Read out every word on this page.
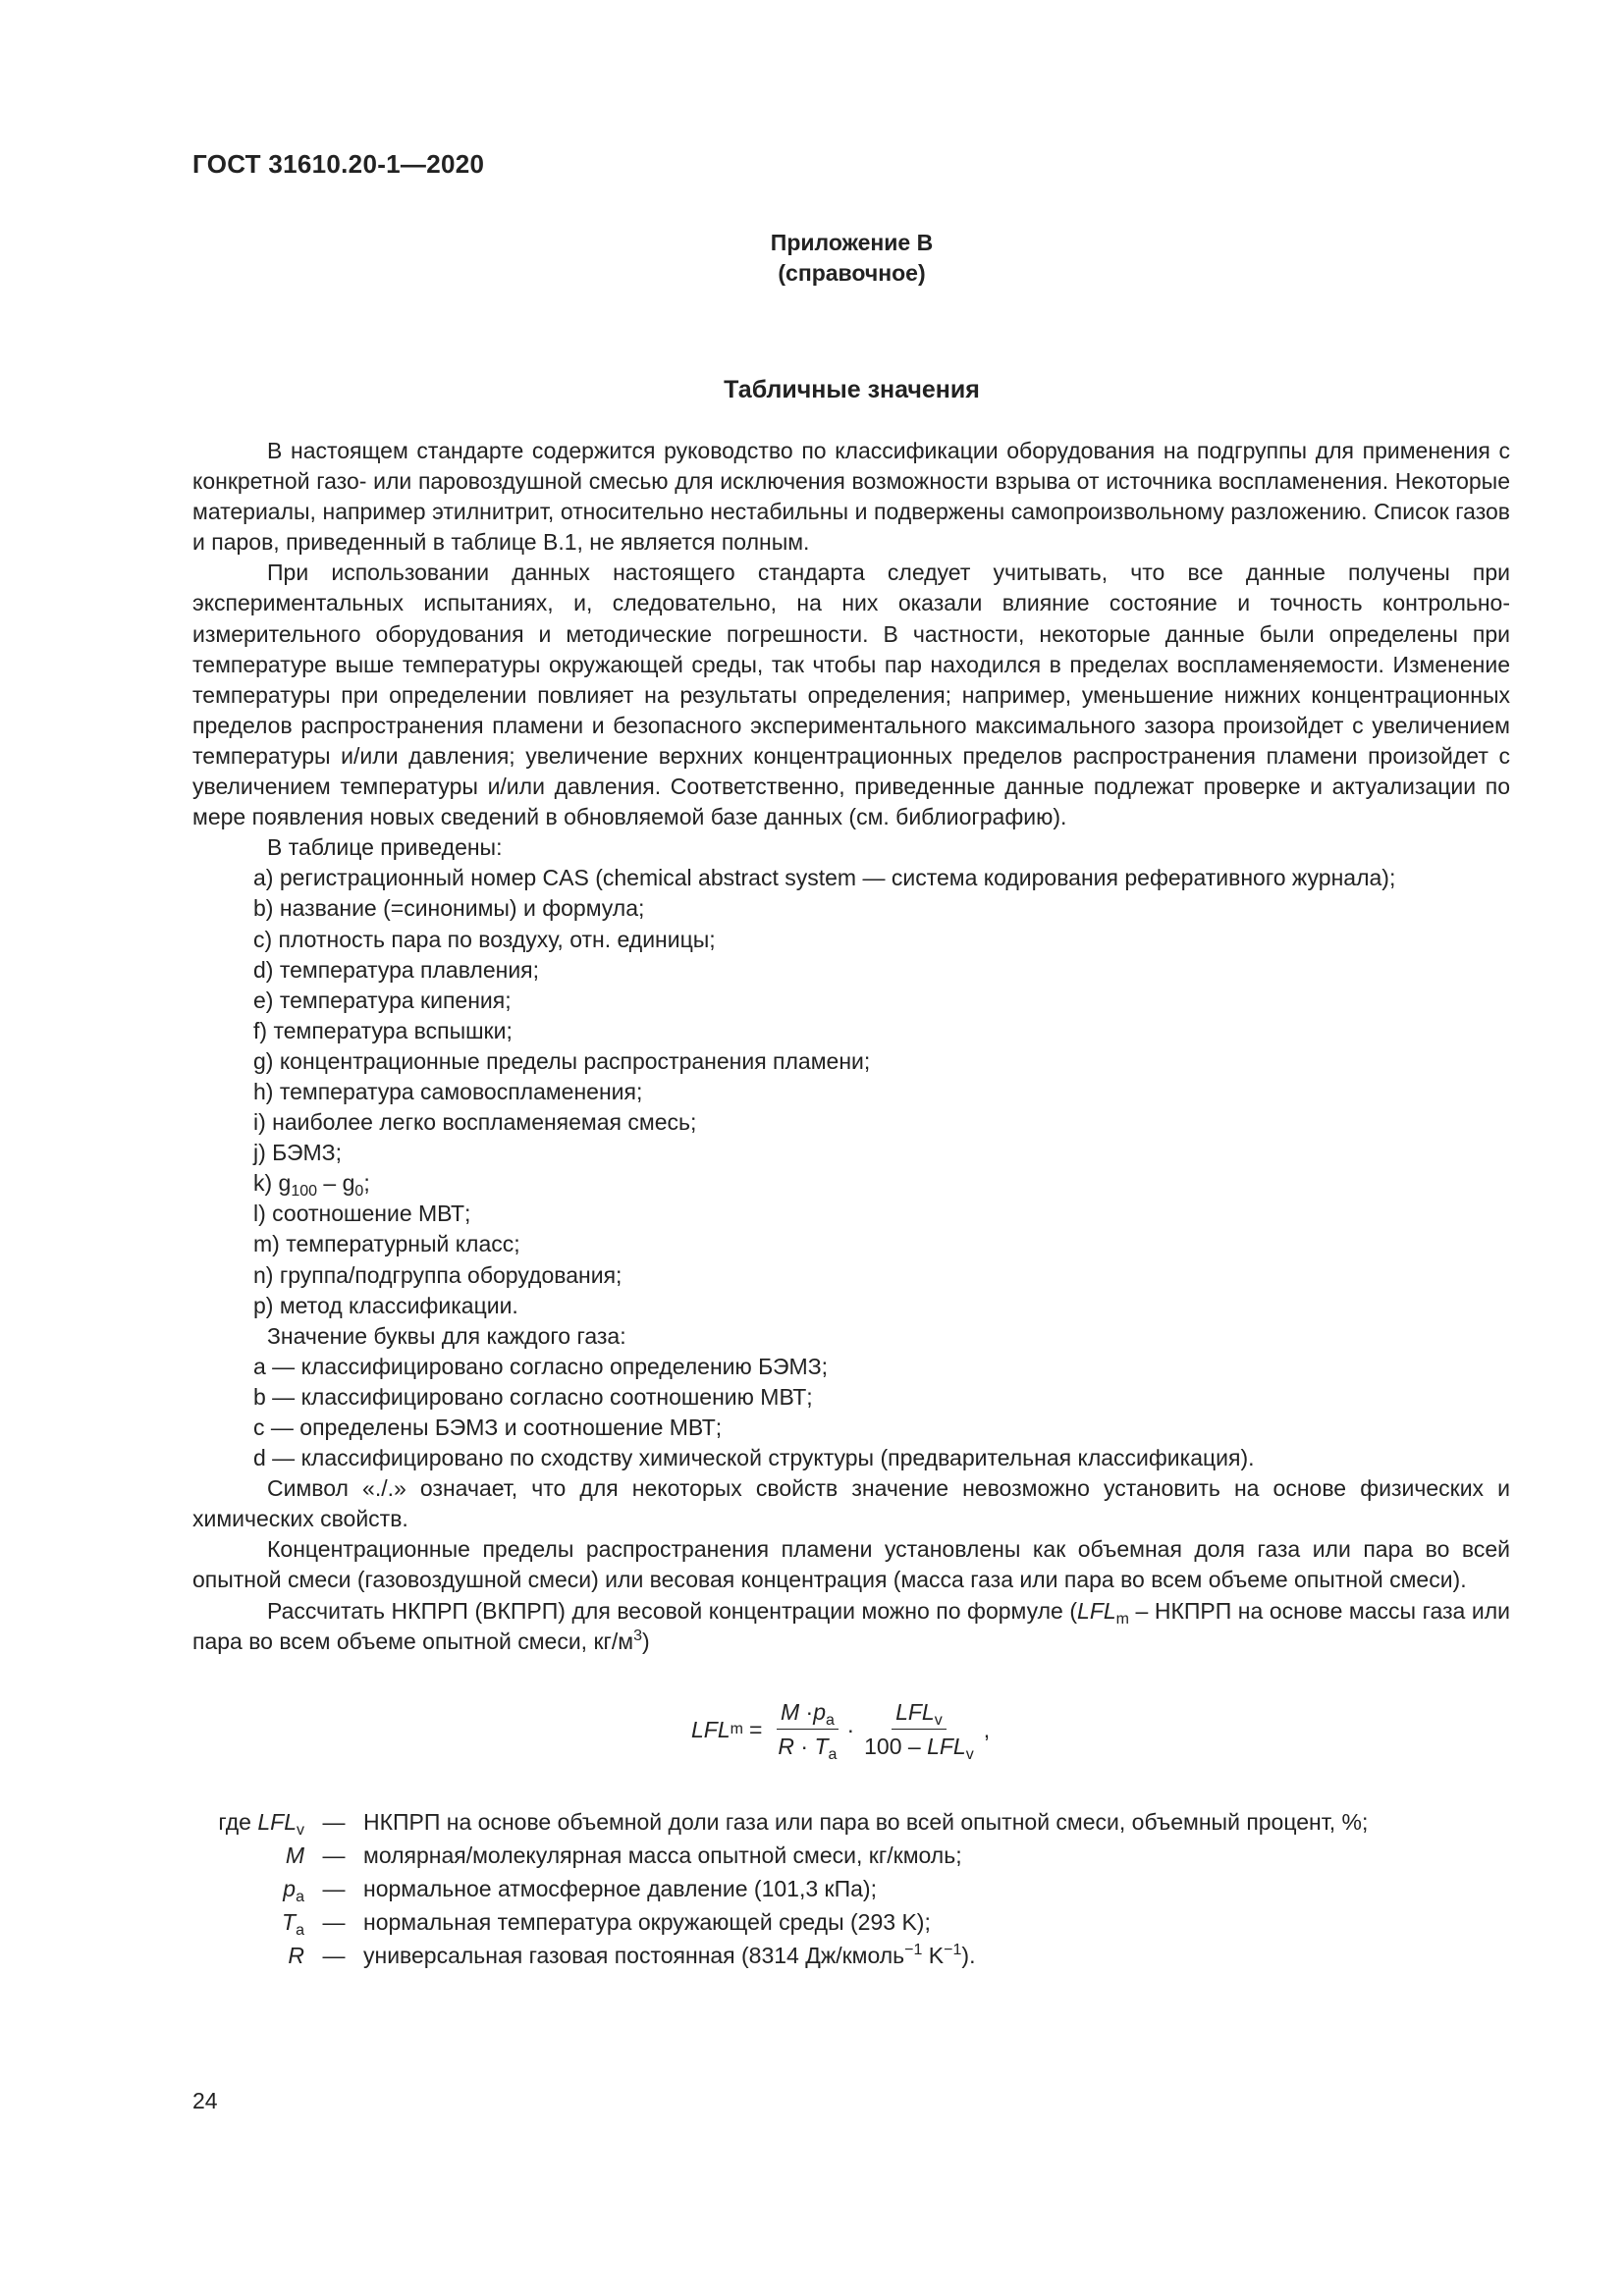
ГОСТ 31610.20-1—2020
Приложение В
(справочное)
Табличные значения

В настоящем стандарте содержится руководство по классификации оборудования на подгруппы для применения с конкретной газо- или паровоздушной смесью для исключения возможности взрыва от источника воспламенения. Некоторые материалы, например этилнитрит, относительно нестабильны и подвержены самопроизвольному разложению. Список газов и паров, приведенный в таблице В.1, не является полным.

При использовании данных настоящего стандарта следует учитывать, что все данные получены при экспериментальных испытаниях, и, следовательно, на них оказали влияние состояние и точность контрольно-измерительного оборудования и методические погрешности. В частности, некоторые данные были определены при температуре выше температуры окружающей среды, так чтобы пар находился в пределах воспламеняемости. Изменение температуры при определении повлияет на результаты определения; например, уменьшение нижних концентрационных пределов распространения пламени и безопасного экспериментального максимального зазора произойдет с увеличением температуры и/или давления; увеличение верхних концентрационных пределов распространения пламени произойдет с увеличением температуры и/или давления. Соответственно, приведенные данные подлежат проверке и актуализации по мере появления новых сведений в обновляемой базе данных (см. библиографию).

В таблице приведены:

a) регистрационный номер CAS (chemical abstract system — система кодирования реферативного журнала);
b) название (=синонимы) и формула;
c) плотность пара по воздуху, отн. единицы;
d) температура плавления;
e) температура кипения;
f) температура вспышки;
g) концентрационные пределы распространения пламени;
h) температура самовоспламенения;
i) наиболее легко воспламеняемая смесь;
j) БЭМЗ;
k) $g_{100} - g_0$;
l) соотношение МВТ;
m) температурный класс;
n) группа/подгруппа оборудования;
p) метод классификации.

Значение буквы для каждого газа:

a — классифицировано согласно определению БЭМЗ;
b — классифицировано согласно соотношению МВТ;
c — определены БЭМЗ и соотношение МВТ;
d — классифицировано по сходству химической структуры (предварительная классификация).

Символ «./.» означает, что для некоторых свойств значение невозможно установить на основе физических и химических свойств.

Концентрационные пределы распространения пламени установлены как объемная доля газа или пара во всей опытной смеси (газовоздушной смеси) или весовая концентрация (масса газа или пара во всем объеме опытной смеси).

Рассчитать НКПРП (ВКПРП) для весовой концентрации можно по формуле ($LFL_m$ – НКПРП на основе массы газа или пара во всем объеме опытной смеси, $кг/м^3$)

LFL $m = \frac{M \cdot p_a}{R \cdot T_a} \cdot \frac{LFL_v}{100 - LFL_v}$ ,
где $LFL_v$ — НКПРП на основе объемной доли газа или пара во всей опытной смеси, объемный процент, %;
M — молярная/молекулярная масса опытной смеси, кг/кмоль;
$p_a$ — нормальное атмосферное давление (101,3 кПа);
$T_a$ — нормальная температура окружающей среды (293 K);
R — универсальная газовая постоянная (8314 Дж/кмоль$^{-1}$ $K^{-1}$).
24
